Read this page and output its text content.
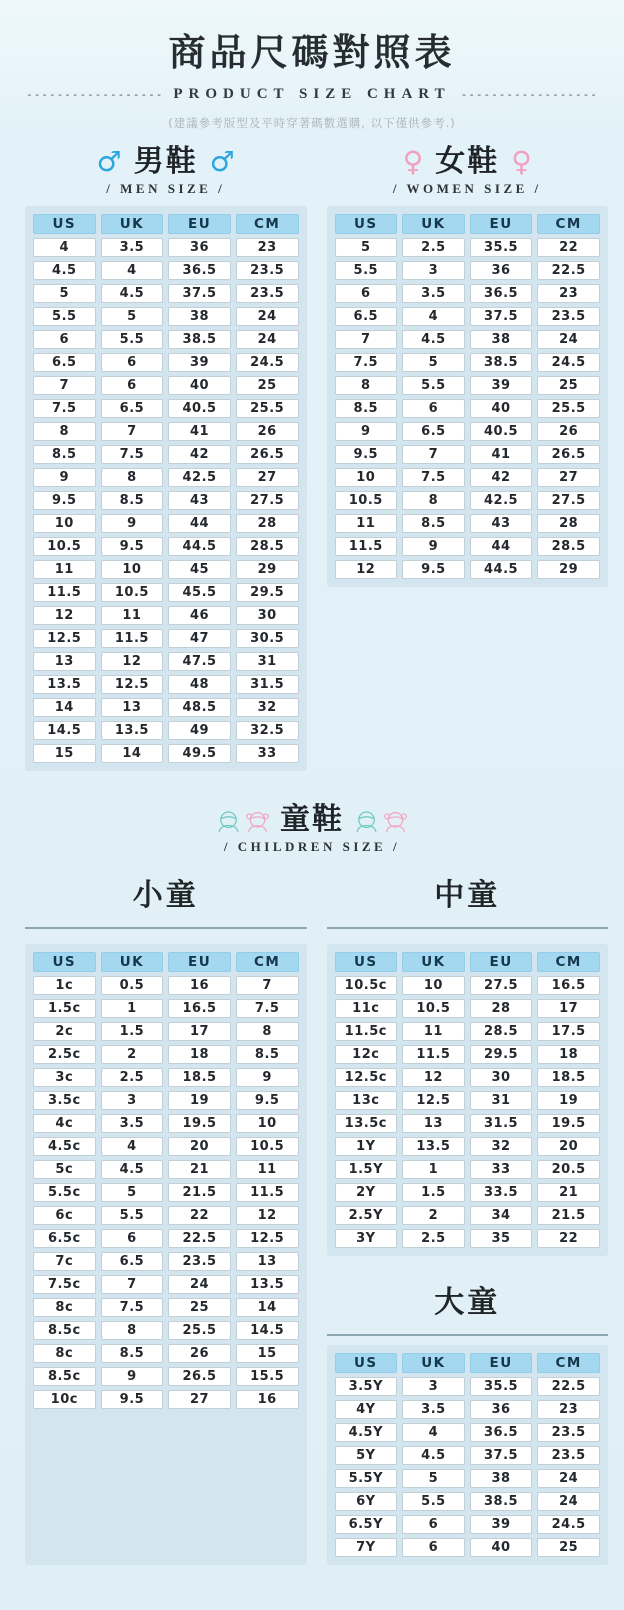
商品尺碼對照表
------------------ PRODUCT SIZE CHART ------------------
(建議參考版型及平時穿著碼數選購, 以下僅供參考.)
♂ 男鞋 ♂
/ MEN SIZE /
US	UK	EU	CM
4	3.5	36	23
4.5	4	36.5	23.5
5	4.5	37.5	23.5
5.5	5	38	24
6	5.5	38.5	24
6.5	6	39	24.5
7	6	40	25
7.5	6.5	40.5	25.5
8	7	41	26
8.5	7.5	42	26.5
9	8	42.5	27
9.5	8.5	43	27.5
10	9	44	28
10.5	9.5	44.5	28.5
11	10	45	29
11.5	10.5	45.5	29.5
12	11	46	30
12.5	11.5	47	30.5
13	12	47.5	31
13.5	12.5	48	31.5
14	13	48.5	32
14.5	13.5	49	32.5
15	14	49.5	33
♀ 女鞋 ♀
/ WOMEN SIZE /
US	UK	EU	CM
5	2.5	35.5	22
5.5	3	36	22.5
6	3.5	36.5	23
6.5	4	37.5	23.5
7	4.5	38	24
7.5	5	38.5	24.5
8	5.5	39	25
8.5	6	40	25.5
9	6.5	40.5	26
9.5	7	41	26.5
10	7.5	42	27
10.5	8	42.5	27.5
11	8.5	43	28
11.5	9	44	28.5
12	9.5	44.5	29
童鞋
/ CHILDREN SIZE /
小童
US	UK	EU	CM
1c	0.5	16	7
1.5c	1	16.5	7.5
2c	1.5	17	8
2.5c	2	18	8.5
3c	2.5	18.5	9
3.5c	3	19	9.5
4c	3.5	19.5	10
4.5c	4	20	10.5
5c	4.5	21	11
5.5c	5	21.5	11.5
6c	5.5	22	12
6.5c	6	22.5	12.5
7c	6.5	23.5	13
7.5c	7	24	13.5
8c	7.5	25	14
8.5c	8	25.5	14.5
8c	8.5	26	15
8.5c	9	26.5	15.5
10c	9.5	27	16
中童
US	UK	EU	CM
10.5c	10	27.5	16.5
11c	10.5	28	17
11.5c	11	28.5	17.5
12c	11.5	29.5	18
12.5c	12	30	18.5
13c	12.5	31	19
13.5c	13	31.5	19.5
1Y	13.5	32	20
1.5Y	1	33	20.5
2Y	1.5	33.5	21
2.5Y	2	34	21.5
3Y	2.5	35	22
大童
US	UK	EU	CM
3.5Y	3	35.5	22.5
4Y	3.5	36	23
4.5Y	4	36.5	23.5
5Y	4.5	37.5	23.5
5.5Y	5	38	24
6Y	5.5	38.5	24
6.5Y	6	39	24.5
7Y	6	40	25
